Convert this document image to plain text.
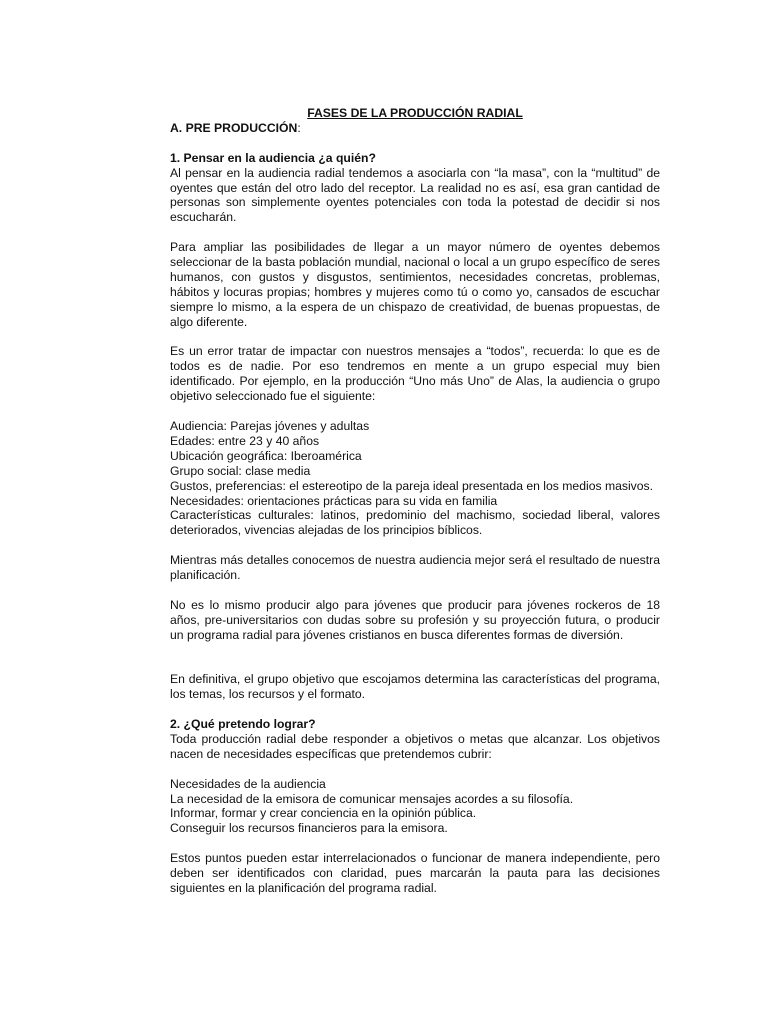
FASES DE LA PRODUCCIÓN RADIAL
A. PRE PRODUCCIÓN:
1. Pensar en la audiencia ¿a quién?

Al pensar en la audiencia radial tendemos a asociarla con “la masa”, con la “multitud” de oyentes que están del otro lado del receptor. La realidad no es así, esa gran cantidad de personas son simplemente oyentes potenciales con toda la potestad de decidir si nos escucharán.

Para ampliar las posibilidades de llegar a un mayor número de oyentes debemos seleccionar de la basta población mundial, nacional o local a un grupo específico de seres humanos, con gustos y disgustos, sentimientos, necesidades concretas, problemas, hábitos y locuras propias; hombres y mujeres como tú o como yo, cansados de escuchar siempre lo mismo, a la espera de un chispazo de creatividad, de buenas propuestas, de algo diferente.

Es un error tratar de impactar con nuestros mensajes a “todos”, recuerda: lo que es de todos es de nadie. Por eso tendremos en mente a un grupo especial muy bien identificado. Por ejemplo, en la producción “Uno más Uno” de Alas, la audiencia o grupo objetivo seleccionado fue el siguiente:

Audiencia: Parejas jóvenes y adultas
Edades: entre 23 y 40 años
Ubicación geográfica: Iberoamérica
Grupo social: clase media
Gustos, preferencias: el estereotipo de la pareja ideal presentada en los medios masivos.
Necesidades: orientaciones prácticas para su vida en familia
Características culturales: latinos, predominio del machismo, sociedad liberal, valores deteriorados, vivencias alejadas de los principios bíblicos.

Mientras más detalles conocemos de nuestra audiencia mejor será el resultado de nuestra planificación.

No es lo mismo producir algo para jóvenes que producir para jóvenes rockeros de 18 años, pre-universitarios con dudas sobre su profesión y su proyección futura, o producir un programa radial para jóvenes cristianos en busca diferentes formas de diversión.

En definitiva, el grupo objetivo que escojamos determina las características del programa, los temas, los recursos y el formato.

2. ¿Qué pretendo lograr?

Toda producción radial debe responder a objetivos o metas que alcanzar. Los objetivos nacen de necesidades específicas que pretendemos cubrir:

Necesidades de la audiencia
La necesidad de la emisora de comunicar mensajes acordes a su filosofía.
Informar, formar y crear conciencia en la opinión pública.
Conseguir los recursos financieros para la emisora.

Estos puntos pueden estar interrelacionados o funcionar de manera independiente, pero deben ser identificados con claridad, pues marcarán la pauta para las decisiones siguientes en la planificación del programa radial.
